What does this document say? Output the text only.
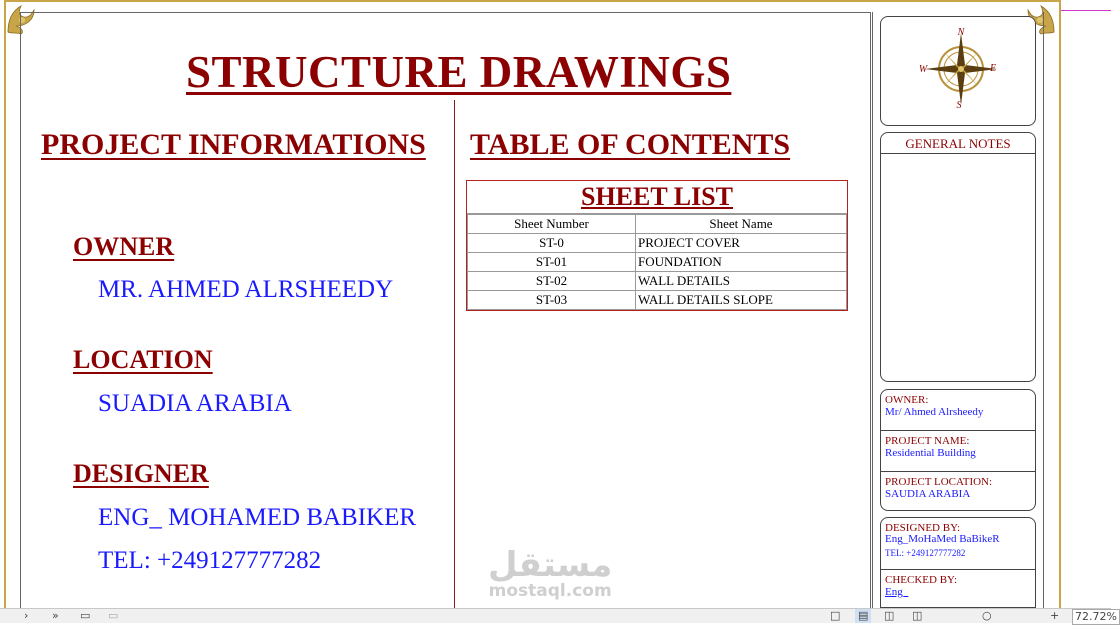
STRUCTURE DRAWINGS
PROJECT INFORMATIONS
OWNER
MR. AHMED ALRSHEEDY
LOCATION
SUADIA ARABIA
DESIGNER
ENG_ MOHAMED BABIKER
TEL: +249127777282
TABLE OF CONTENTS
SHEET LIST
Sheet Number	Sheet Name
ST-0	PROJECT COVER
ST-01	FOUNDATION
ST-02	WALL DETAILS
ST-03	WALL DETAILS SLOPE
N
S
E
W
GENERAL NOTES
OWNER:
Mr/ Ahmed Alrsheedy
PROJECT NAME:
Residential Building
PROJECT LOCATION:
SAUDIA ARABIA
DESIGNED BY:
Eng_MoHaMed BaBikeR
TEL: +249127777282
CHECKED BY:
Eng_
مستقل
mostaql.com
› » ▭ ▭	□ ▤ ◫ ◫	○	+ 72.72%
